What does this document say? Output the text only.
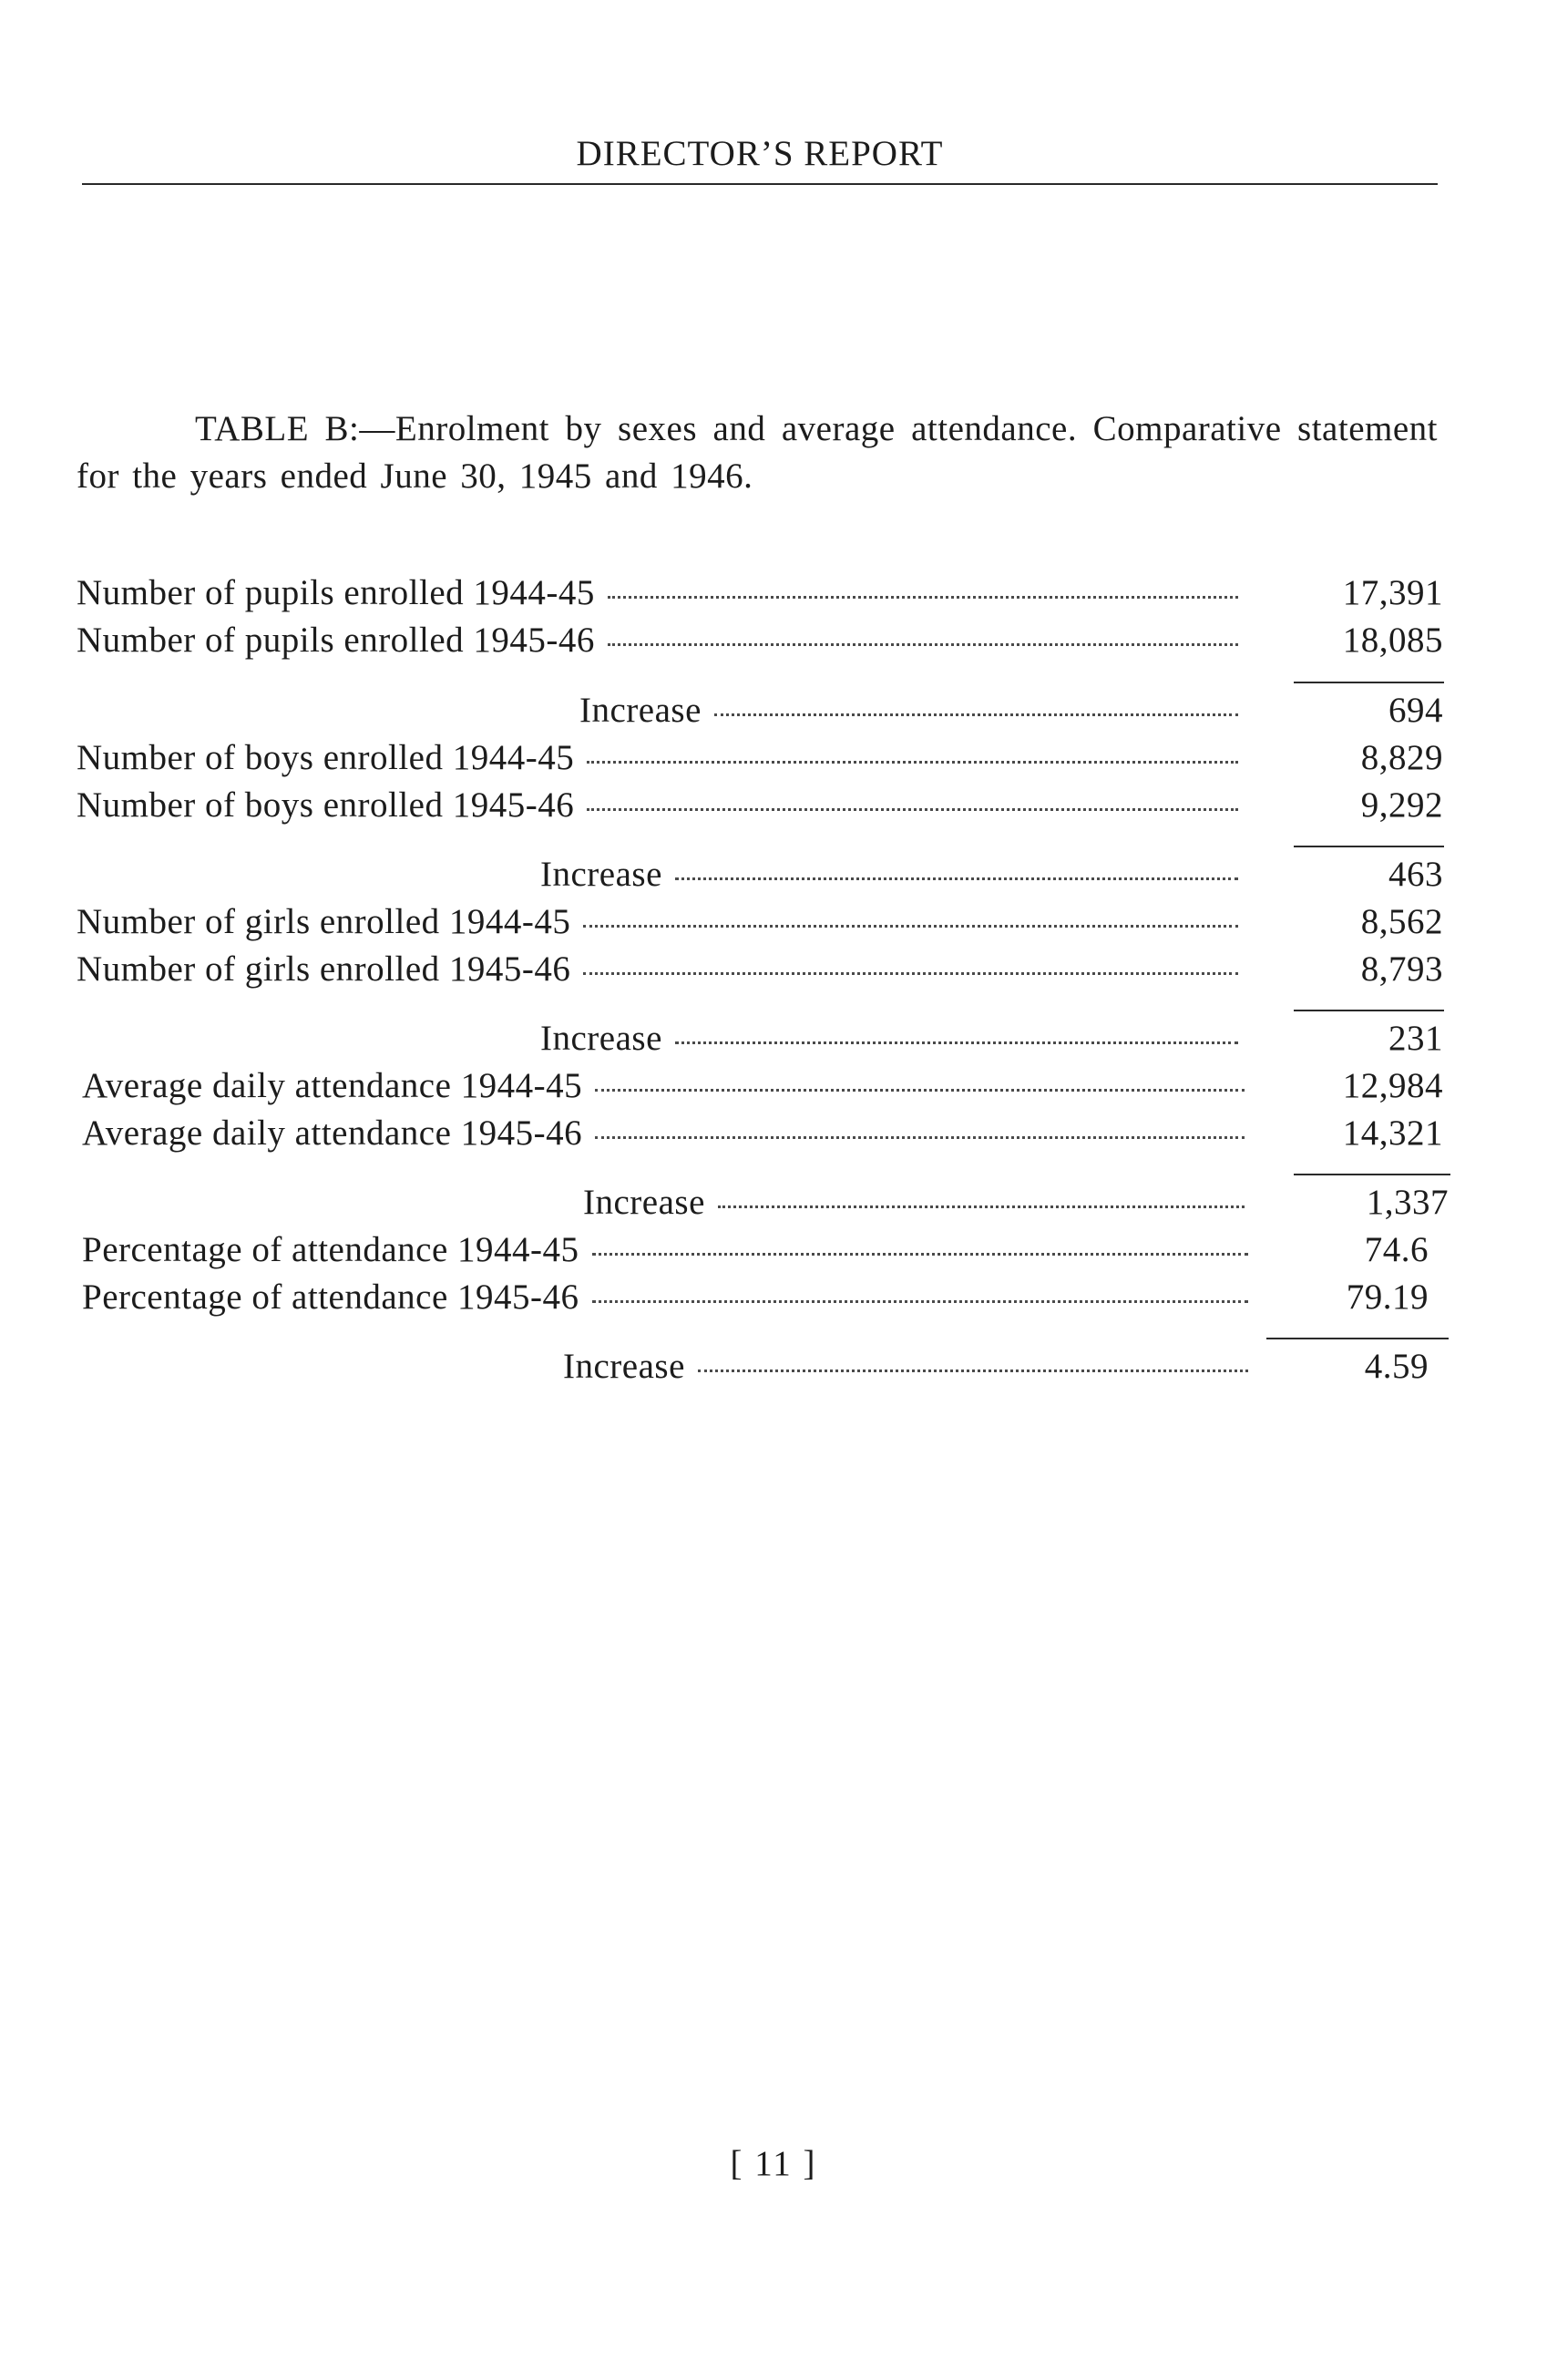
DIRECTOR’S REPORT
TABLE B:—Enrolment by sexes and average attendance. Comparative statement for the years ended June 30, 1945 and 1946.
Number of pupils enrolled 1944-45	17,391
Number of pupils enrolled 1945-46	18,085
Increase	694
Number of boys enrolled 1944-45	8,829
Number of boys enrolled 1945-46	9,292
Increase	463
Number of girls enrolled 1944-45	8,562
Number of girls enrolled 1945-46	8,793
Increase	231
Average daily attendance 1944-45	12,984
Average daily attendance 1945-46	14,321
Increase	1,337
Percentage of attendance 1944-45	74.6
Percentage of attendance 1945-46	79.19
Increase	4.59
[ 11 ]
